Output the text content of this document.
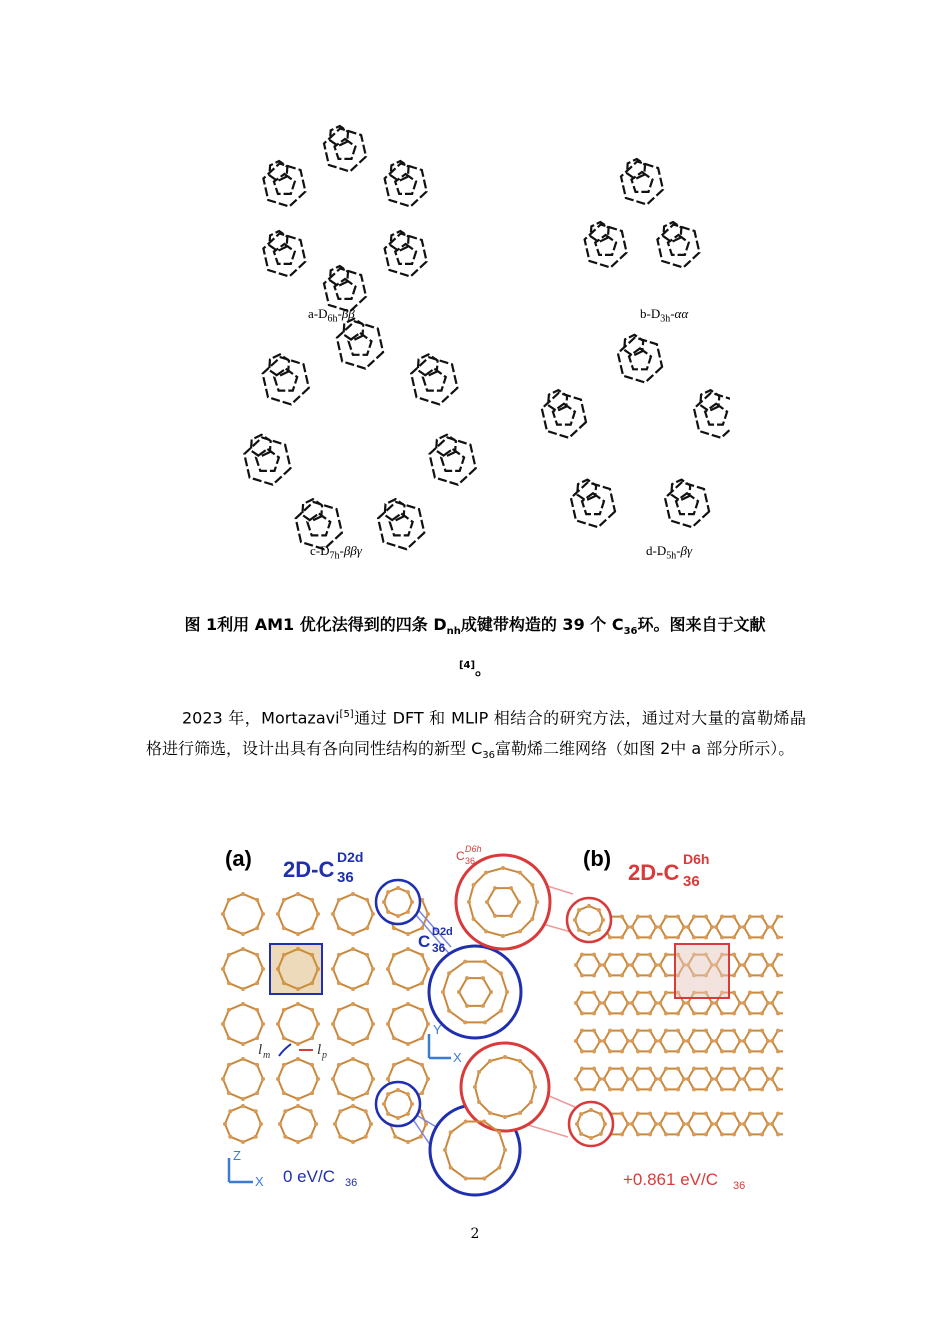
$a-D_{6h}-\beta\beta$	$b-D_{3h}-\alpha\alpha$
$c-D_{7h}$-ββγ	$d-D_{5h}-\beta\gamma$
图 1利用 AM1 优化法得到的四条 $D_{nh}$成键带构造的 39 个 $C_{36}$环。图来自于文献
[4]。
2023 年，Mortazavi[5]通过 DFT 和 MLIP 相结合的研究方法，通过对大量的富勒烯晶格进行筛选，设计出具有各向同性结构的新型 $C_{36}$富勒烯二维网络（如图 2中 a 部分所示）。
(a)	(b)
2D-C D2d
36	2D-C
D6h
36
C D6h
36
C D2d
36
l m	l p
Y
X
Z
X 0 eV/C 36	+0.861 eV/C 36
2
